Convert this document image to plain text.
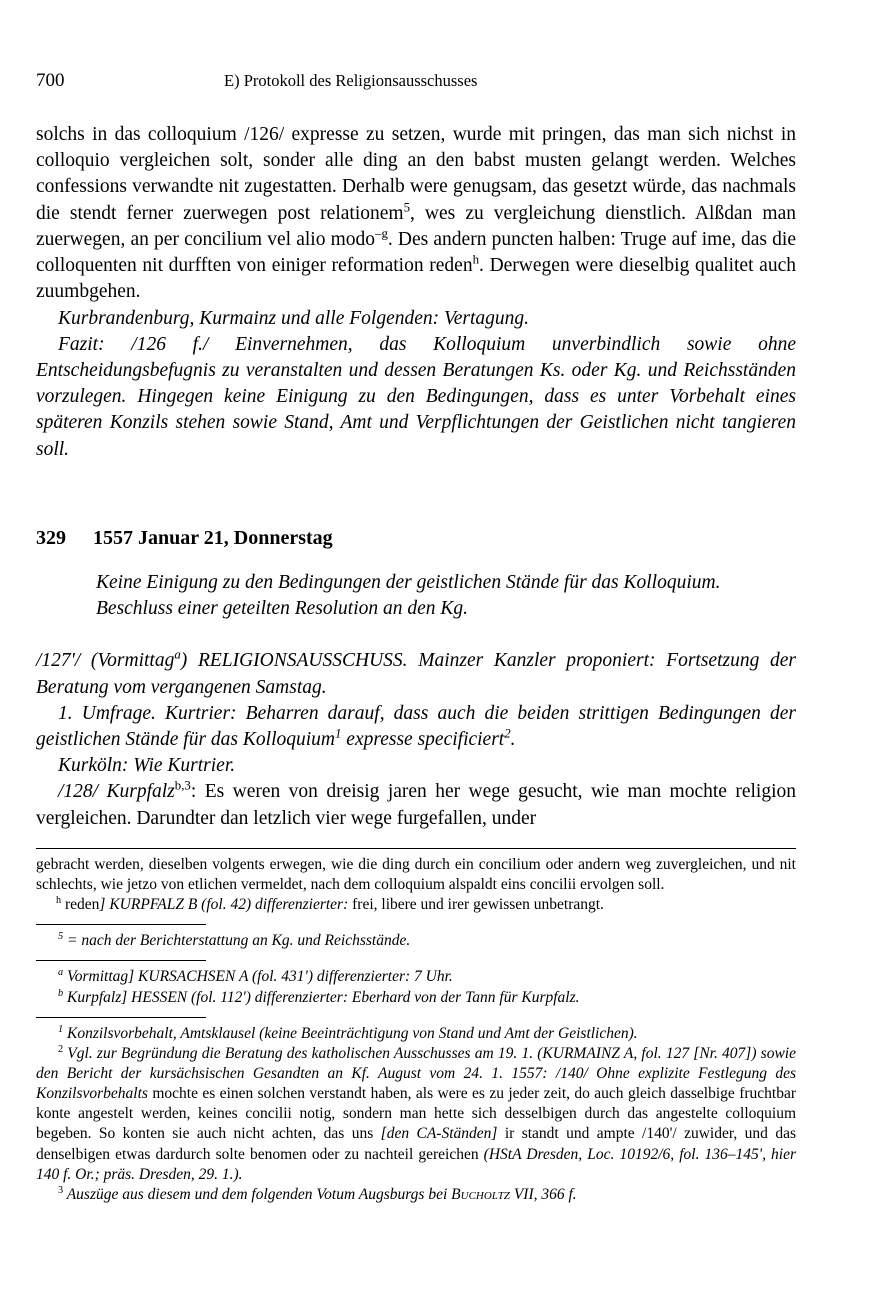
700	E) Protokoll des Religionsausschusses

solchs in das colloquium /126/ expresse zu setzen, wurde mit pringen, das man sich nichst in colloquio vergleichen solt, sonder alle ding an den babst musten gelangt werden. Welches confessions verwandte nit zugestatten. Derhalb were genugsam, das gesetzt würde, das nachmals die stendt ferner zuerwegen post relationem$^5$, wes zu vergleichung dienstlich. Alßdan man zuerwegen, an per concilium vel alio modo$^{-g}$. Des andern puncten halben: Truge auf ime, das die colloquenten nit durfften von einiger reformation reden$^h$. Derwegen were dieselbig qualitet auch zuumbgehen.

Kurbrandenburg, Kurmainz und alle Folgenden: Vertagung.

Fazit: /126 f./ Einvernehmen, das Kolloquium unverbindlich sowie ohne Entscheidungsbefugnis zu veranstalten und dessen Beratungen Ks. oder Kg. und Reichsständen vorzulegen. Hingegen keine Einigung zu den Bedingungen, dass es unter Vorbehalt eines späteren Konzils stehen sowie Stand, Amt und Verpflichtungen der Geistlichen nicht tangieren soll.

329	1557 Januar 21, Donnerstag
Keine Einigung zu den Bedingungen der geistlichen Stände für das Kolloquium.
Beschluss einer geteilten Resolution an den Kg.

/127'/ (Vormittag$^a$) RELIGIONSAUSSCHUSS. Mainzer Kanzler proponiert: Fortsetzung der Beratung vom vergangenen Samstag.

1. Umfrage. Kurtrier: Beharren darauf, dass auch die beiden strittigen Bedingungen der geistlichen Stände für das Kolloquium$^1$ expresse specificiert$^2$.

Kurköln: Wie Kurtrier.

/128/ Kurpfalz$^{b,3}$: Es weren von dreisig jaren her wege gesucht, wie man mochte religion vergleichen. Darundter dan letzlich vier wege furgefallen, under

gebracht werden, dieselben volgents erwegen, wie die ding durch ein concilium oder andern weg zuvergleichen, und nit schlechts, wie jetzo von etlichen vermeldet, nach dem colloquium alspaldt eins concilii ervolgen soll.

$^h$ reden] KURPFALZ B (fol. 42) differenzierter: frei, libere und irer gewissen unbetrangt.

$^5$ = nach der Berichterstattung an Kg. und Reichsstände.

$^a$ Vormittag] KURSACHSEN A (fol. 431') differenzierter: 7 Uhr.

$^b$ Kurpfalz] HESSEN (fol. 112') differenzierter: Eberhard von der Tann für Kurpfalz.

$^1$ Konzilsvorbehalt, Amtsklausel (keine Beeinträchtigung von Stand und Amt der Geistlichen).

$^2$ Vgl. zur Begründung die Beratung des katholischen Ausschusses am 19. 1. (KURMAINZ A, fol. 127 [Nr. 407]) sowie den Bericht der kursächsischen Gesandten an Kf. August vom 24. 1. 1557: /140/ Ohne explizite Festlegung des Konzilsvorbehalts mochte es einen solchen verstandt haben, als were es zu jeder zeit, do auch gleich dasselbige fruchtbar konte angestelt werden, keines concilii notig, sondern man hette sich desselbigen durch das angestelte colloquium begeben. So konten sie auch nicht achten, das uns [den CA-Ständen] ir standt und ampte /140'/ zuwider, und das denselbigen etwas dardurch solte benomen oder zu nachteil gereichen (HStA Dresden, Loc. 10192/6, fol. 136–145', hier 140 f. Or.; präs. Dresden, 29. 1.).

$^3$ Auszüge aus diesem und dem folgenden Votum Augsburgs bei Bucholtz VII, 366 f.
